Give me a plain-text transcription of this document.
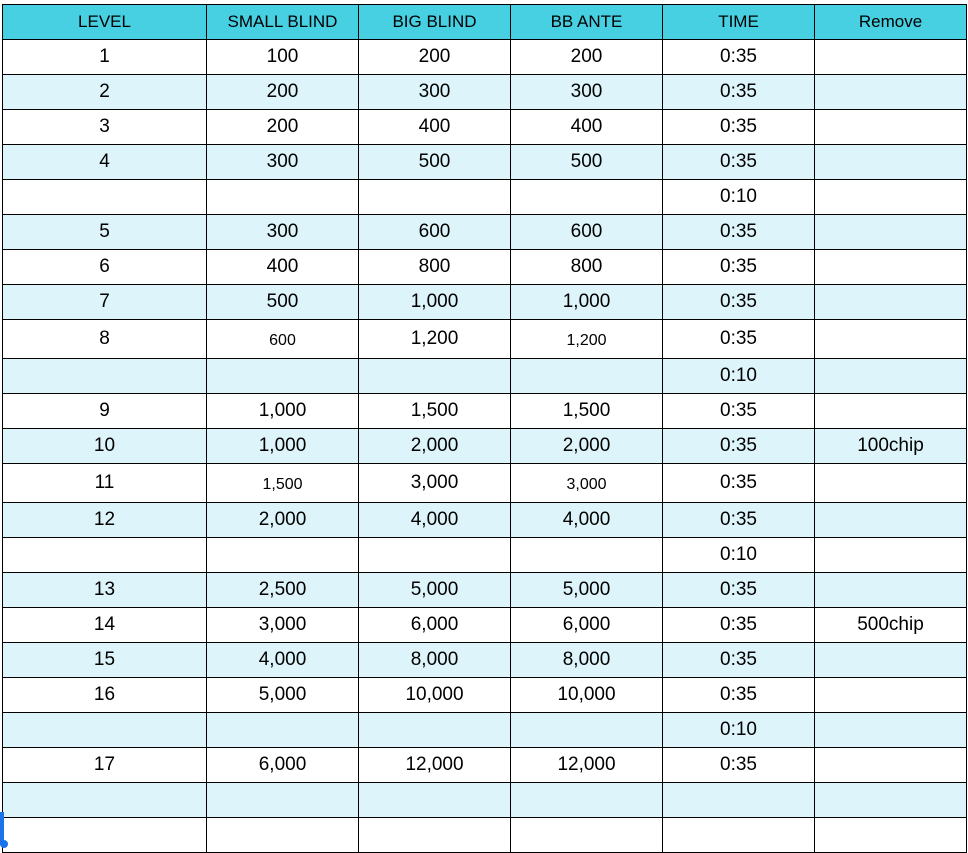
LEVEL	SMALL BLIND	BIG BLIND	BB ANTE	TIME	Remove
1	100	200	200	0:35	
2	200	300	300	0:35	
3	200	400	400	0:35	
4	300	500	500	0:35	
				0:10	
5	300	600	600	0:35	
6	400	800	800	0:35	
7	500	1,000	1,000	0:35	
8	600	1,200	1,200	0:35	
				0:10	
9	1,000	1,500	1,500	0:35	
10	1,000	2,000	2,000	0:35	100chip
11	1,500	3,000	3,000	0:35	
12	2,000	4,000	4,000	0:35	
				0:10	
13	2,500	5,000	5,000	0:35	
14	3,000	6,000	6,000	0:35	500chip
15	4,000	8,000	8,000	0:35	
16	5,000	10,000	10,000	0:35	
				0:10	
17	6,000	12,000	12,000	0:35	
